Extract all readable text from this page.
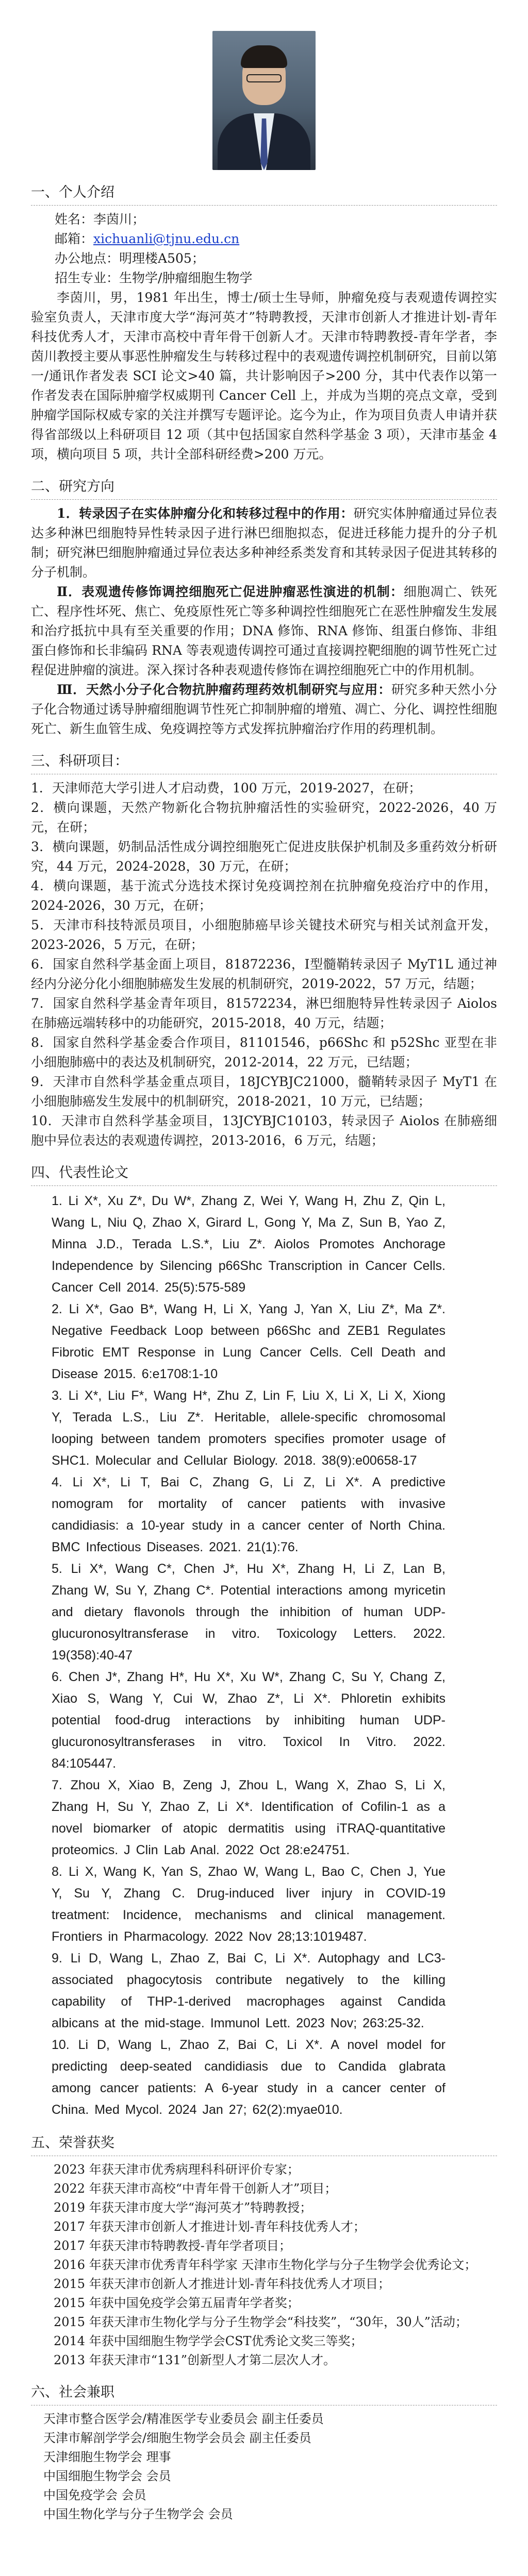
一、个人介绍

姓名：李茵川；

邮箱：xichuanli@tjnu.edu.cn

办公地点：明理楼A505；

招生专业：生物学/肿瘤细胞生物学

李茵川，男，1981 年出生，博士/硕士生导师，肿瘤免疫与表观遗传调控实验室负责人，天津市度大学“海河英才”特聘教授，天津市创新人才推进计划-青年科技优秀人才，天津市高校中青年骨干创新人才。天津市特聘教授-青年学者，李茵川教授主要从事恶性肿瘤发生与转移过程中的表观遗传调控机制研究，目前以第一/通讯作者发表 SCI 论文>40 篇，共计影响因子>200 分，其中代表作以第一作者发表在国际肿瘤学权威期刊 Cancer Cell 上，并成为当期的亮点文章，受到肿瘤学国际权威专家的关注并撰写专题评论。迄今为止，作为项目负责人申请并获得省部级以上科研项目 12 项（其中包括国家自然科学基金 3 项），天津市基金 4 项，横向项目 5 项，共计全部科研经费>200 万元。

二、研究方向

1．转录因子在实体肿瘤分化和转移过程中的作用：研究实体肿瘤通过异位表达多种淋巴细胞特异性转录因子进行淋巴细胞拟态，促进迁移能力提升的分子机制；研究淋巴细胞肿瘤通过异位表达多种神经系类发育和其转录因子促进其转移的分子机制。

Ⅱ．表观遗传修饰调控细胞死亡促进肿瘤恶性演进的机制：细胞凋亡、铁死亡、程序性坏死、焦亡、免疫原性死亡等多种调控性细胞死亡在恶性肿瘤发生发展和治疗抵抗中具有至关重要的作用；DNA 修饰、RNA 修饰、组蛋白修饰、非组蛋白修饰和长非编码 RNA 等表观遗传调控可通过直接调控靶细胞的调节性死亡过程促进肿瘤的演进。深入探讨各种表观遗传修饰在调控细胞死亡中的作用机制。

Ⅲ．天然小分子化合物抗肿瘤药理药效机制研究与应用：研究多种天然小分子化合物通过诱导肿瘤细胞调节性死亡抑制肿瘤的增殖、凋亡、分化、调控性细胞死亡、新生血管生成、免疫调控等方式发挥抗肿瘤治疗作用的药理机制。

三、科研项目：

1．天津师范大学引进人才启动费，100 万元，2019-2027，在研；

2．横向课题，天然产物新化合物抗肿瘤活性的实验研究，2022-2026，40 万元，在研；

3．横向课题，奶制品活性成分调控细胞死亡促进皮肤保护机制及多重药效分析研究，44 万元，2024-2028，30 万元，在研；

4．横向课题，基于流式分选技术探讨免疫调控剂在抗肿瘤免疫治疗中的作用，2024-2026，30 万元，在研；

5．天津市科技特派员项目，小细胞肺癌早诊关键技术研究与相关试剂盒开发，2023-2026，5 万元，在研；

6．国家自然科学基金面上项目，81872236，Ⅰ型髓鞘转录因子 MyT1L 通过神经内分泌分化小细胞肺癌发生发展的机制研究，2019-2022，57 万元，结题；

7．国家自然科学基金青年项目，81572234，淋巴细胞特异性转录因子 Aiolos 在肺癌远端转移中的功能研究，2015-2018，40 万元，结题；

8．国家自然科学基金委合作项目，81101546，p66Shc 和 p52Shc 亚型在非小细胞肺癌中的表达及机制研究，2012-2014，22 万元，已结题；

9．天津市自然科学基金重点项目，18JCYBJC21000，髓鞘转录因子 MyT1 在小细胞肺癌发生发展中的机制研究，2018-2021，10 万元，已结题；

10．天津市自然科学基金项目，13JCYBJC10103，转录因子 Aiolos 在肺癌细胞中异位表达的表观遗传调控，2013-2016，6 万元，结题；

四、代表性论文

1. Li X*, Xu Z*, Du W*, Zhang Z, Wei Y, Wang H, Zhu Z, Qin L, Wang L, Niu Q, Zhao X, Girard L, Gong Y, Ma Z, Sun B, Yao Z, Minna J.D., Terada L.S.*, Liu Z*. Aiolos Promotes Anchorage Independence by Silencing p66Shc Transcription in Cancer Cells. Cancer Cell 2014. 25(5):575-589

2. Li X*, Gao B*, Wang H, Li X, Yang J, Yan X, Liu Z*, Ma Z*. Negative Feedback Loop between p66Shc and ZEB1 Regulates Fibrotic EMT Response in Lung Cancer Cells. Cell Death and Disease 2015. 6:e1708:1-10

3. Li X*, Liu F*, Wang H*, Zhu Z, Lin F, Liu X, Li X, Li X, Xiong Y, Terada L.S., Liu Z*. Heritable, allele-specific chromosomal looping between tandem promoters specifies promoter usage of SHC1. Molecular and Cellular Biology. 2018. 38(9):e00658-17

4. Li X*, Li T, Bai C, Zhang G, Li Z, Li X*. A predictive nomogram for mortality of cancer patients with invasive candidiasis: a 10-year study in a cancer center of North China. BMC Infectious Diseases. 2021. 21(1):76.

5. Li X*, Wang C*, Chen J*, Hu X*, Zhang H, Li Z, Lan B, Zhang W, Su Y, Zhang C*. Potential interactions among myricetin and dietary flavonols through the inhibition of human UDP-glucuronosyltransferase in vitro. Toxicology Letters. 2022. 19(358):40-47

6. Chen J*, Zhang H*, Hu X*, Xu W*, Zhang C, Su Y, Chang Z, Xiao S, Wang Y, Cui W, Zhao Z*, Li X*. Phloretin exhibits potential food-drug interactions by inhibiting human UDP-glucuronosyltransferases in vitro. Toxicol In Vitro. 2022. 84:105447.

7. Zhou X, Xiao B, Zeng J, Zhou L, Wang X, Zhao S, Li X, Zhang H, Su Y, Zhao Z, Li X*. Identification of Cofilin-1 as a novel biomarker of atopic dermatitis using iTRAQ-quantitative proteomics. J Clin Lab Anal. 2022 Oct 28:e24751.

8. Li X, Wang K, Yan S, Zhao W, Wang L, Bao C, Chen J, Yue Y, Su Y, Zhang C. Drug-induced liver injury in COVID-19 treatment: Incidence, mechanisms and clinical management. Frontiers in Pharmacology. 2022 Nov 28;13:1019487.

9. Li D, Wang L, Zhao Z, Bai C, Li X*. Autophagy and LC3-associated phagocytosis contribute negatively to the killing capability of THP-1-derived macrophages against Candida albicans at the mid-stage. Immunol Lett. 2023 Nov; 263:25-32.

10. Li D, Wang L, Zhao Z, Bai C, Li X*. A novel model for predicting deep-seated candidiasis due to Candida glabrata among cancer patients: A 6-year study in a cancer center of China. Med Mycol. 2024 Jan 27; 62(2):myae010.

五、荣誉获奖

2023 年获天津市优秀病理科科研评价专家；

2022 年获天津市高校“中青年骨干创新人才”项目；

2019 年获天津市度大学“海河英才”特聘教授；

2017 年获天津市创新人才推进计划-青年科技优秀人才；

2017 年获天津市特聘教授-青年学者项目；

2016 年获天津市优秀青年科学家 天津市生物化学与分子生物学会优秀论文；

2015 年获天津市创新人才推进计划-青年科技优秀人才项目；

2015 年获中国免疫学会第五届青年学者奖；

2015 年获天津市生物化学与分子生物学会“科技奖”，“30年，30人”活动；

2014 年获中国细胞生物学学会CST优秀论文奖三等奖；

2013 年获天津市“131”创新型人才第二层次人才。

六、社会兼职

天津市整合医学会/精准医学专业委员会 副主任委员

天津市解剖学学会/细胞生物学会员会 副主任委员

天津细胞生物学会 理事

中国细胞生物学会 会员

中国免疫学会 会员

中国生物化学与分子生物学会 会员
